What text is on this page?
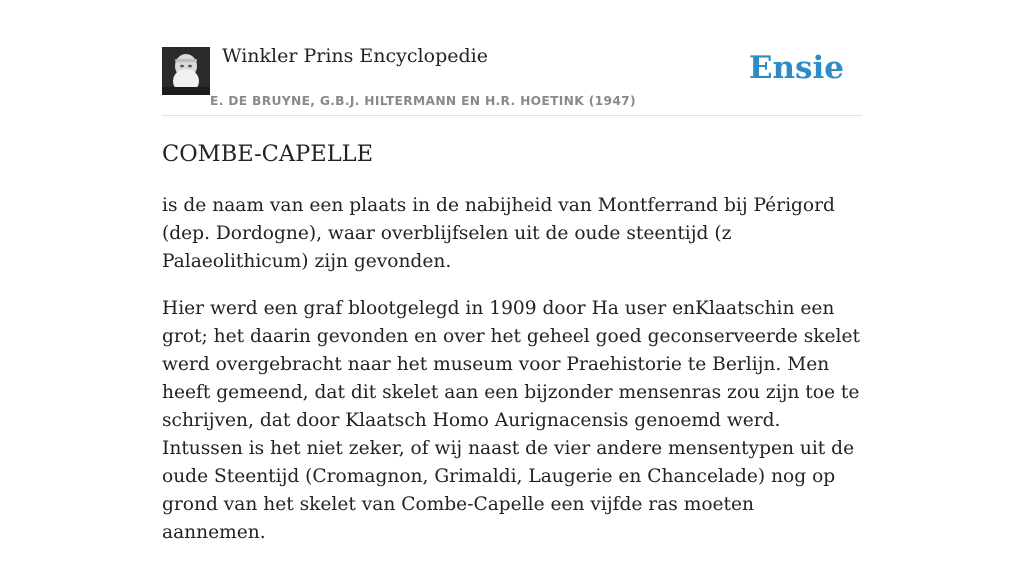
Winkler Prins Encyclopedie
E. DE BRUYNE, G.B.J. HILTERMANN EN H.R. HOETINK (1947)
Ensie
COMBE-CAPELLE

is de naam van een plaats in de nabijheid van Montferrand bij Périgord (dep. Dordogne), waar overblijfselen uit de oude steentijd (z Palaeolithicum) zijn gevonden.

Hier werd een graf blootgelegd in 1909 door Ha user enKlaatschin een grot; het daarin gevonden en over het geheel goed geconserveerde skelet werd overgebracht naar het museum voor Praehistorie te Berlijn. Men heeft gemeend, dat dit skelet aan een bijzonder mensenras zou zijn toe te schrijven, dat door Klaatsch Homo Aurignacensis genoemd werd. Intussen is het niet zeker, of wij naast de vier andere mensentypen uit de oude Steentijd (Cromagnon, Grimaldi, Laugerie en Chancelade) nog op grond van het skelet van Combe-Capelle een vijfde ras moeten aannemen.
